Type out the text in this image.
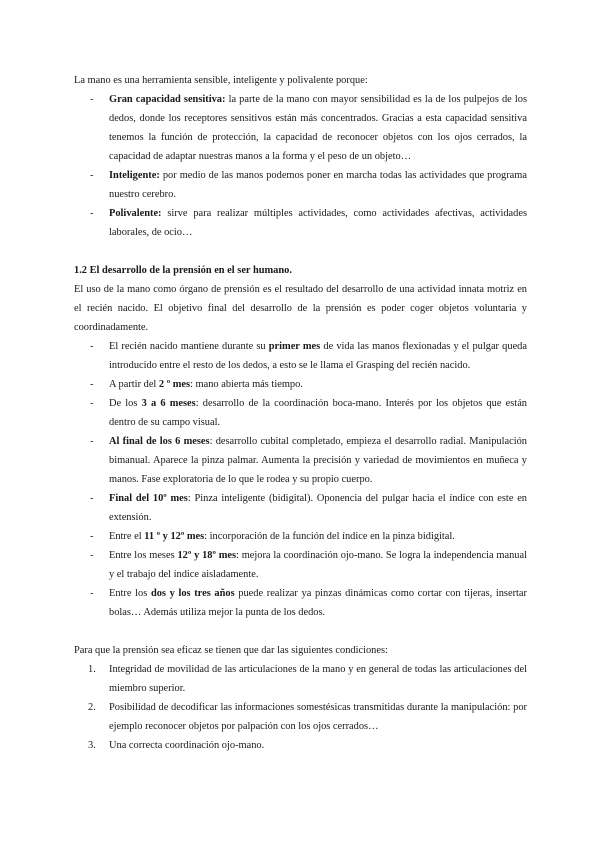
La mano es una herramienta sensible, inteligente y polivalente porque:

- Gran capacidad sensitiva: la parte de la mano con mayor sensibilidad es la de los pulpejos de los dedos, donde los receptores sensitivos están más concentrados. Gracias a esta capacidad sensitiva tenemos la función de protección, la capacidad de reconocer objetos con los ojos cerrados, la capacidad de adaptar nuestras manos a la forma y el peso de un objeto…
- Inteligente: por medio de las manos podemos poner en marcha todas las actividades que programa nuestro cerebro.
- Polivalente: sirve para realizar múltiples actividades, como actividades afectivas, actividades laborales, de ocio…

1.2 El desarrollo de la prensión en el ser humano.

El uso de la mano como órgano de prensión es el resultado del desarrollo de una actividad innata motriz en el recién nacido. El objetivo final del desarrollo de la prensión es poder coger objetos voluntaria y coordinadamente.

- El recién nacido mantiene durante su primer mes de vida las manos flexionadas y el pulgar queda introducido entre el resto de los dedos, a esto se le llama el Grasping del recién nacido.
- A partir del 2 º mes: mano abierta más tiempo.
- De los 3 a 6 meses: desarrollo de la coordinación boca-mano. Interés por los objetos que están dentro de su campo visual.
- Al final de los 6 meses: desarrollo cubital completado, empieza el desarrollo radial. Manipulación bimanual. Aparece la pinza palmar. Aumenta la precisión y variedad de movimientos en muñeca y manos. Fase exploratoria de lo que le rodea y su propio cuerpo.
- Final del 10º mes: Pinza inteligente (bidigital). Oponencia del pulgar hacia el índice con este en extensión.
- Entre el 11 º y 12º mes: incorporación de la función del índice en la pinza bidigital.
- Entre los meses 12º y 18º mes: mejora la coordinación ojo-mano. Se logra la independencia manual y el trabajo del índice aisladamente.
- Entre los dos y los tres años puede realizar ya pinzas dinámicas como cortar con tijeras, insertar bolas… Además utiliza mejor la punta de los dedos.

Para que la prensión sea eficaz se tienen que dar las siguientes condiciones:

1. Integridad de movilidad de las articulaciones de la mano y en general de todas las articulaciones del miembro superior.
2. Posibilidad de decodificar las informaciones somestésicas transmitidas durante la manipulación: por ejemplo reconocer objetos por palpación con los ojos cerrados…
3. Una correcta coordinación ojo-mano.
